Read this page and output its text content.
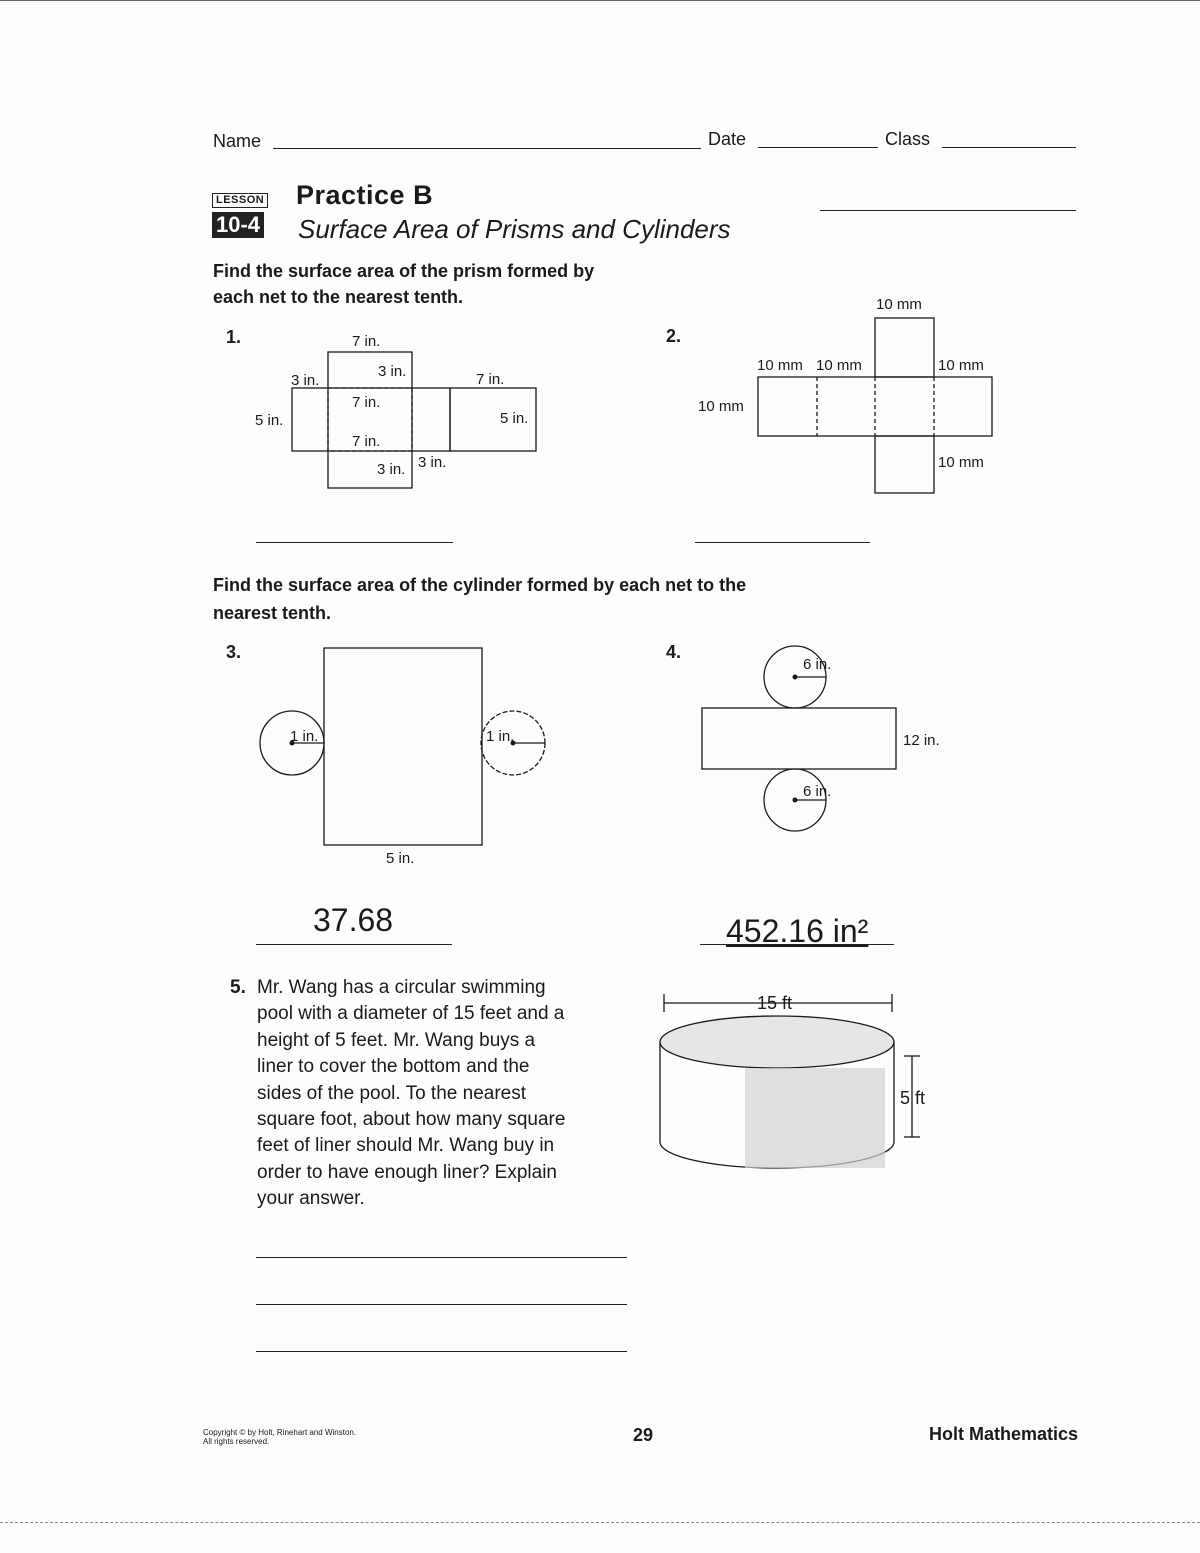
Name	Date	Class
LESSON
10-4
Practice B
Surface Area of Prisms and Cylinders
Find the surface area of the prism formed by
each net to the nearest tenth.
1.	2.
7 in.
3 in.
3 in.	7 in.
7 in.
5 in.	5 in.
7 in.
3 in. 3 in.
10 mm
10 mm 10 mm	10 mm
10 mm
10 mm
1 in.	1 in.
5 in.
6 in.
12 in.
6 in.
15 ft
5 ft
Find the surface area of the cylinder formed by each net to the
nearest tenth.
3.	4.
37.68	452.16 in²
5. Mr. Wang has a circular swimming
pool with a diameter of 15 feet and a
height of 5 feet. Mr. Wang buys a
liner to cover the bottom and the
sides of the pool. To the nearest
square foot, about how many square
feet of liner should Mr. Wang buy in
order to have enough liner? Explain
your answer.
Copyright © by Holt, Rinehart and Winston.
All rights reserved.	29	Holt Mathematics
